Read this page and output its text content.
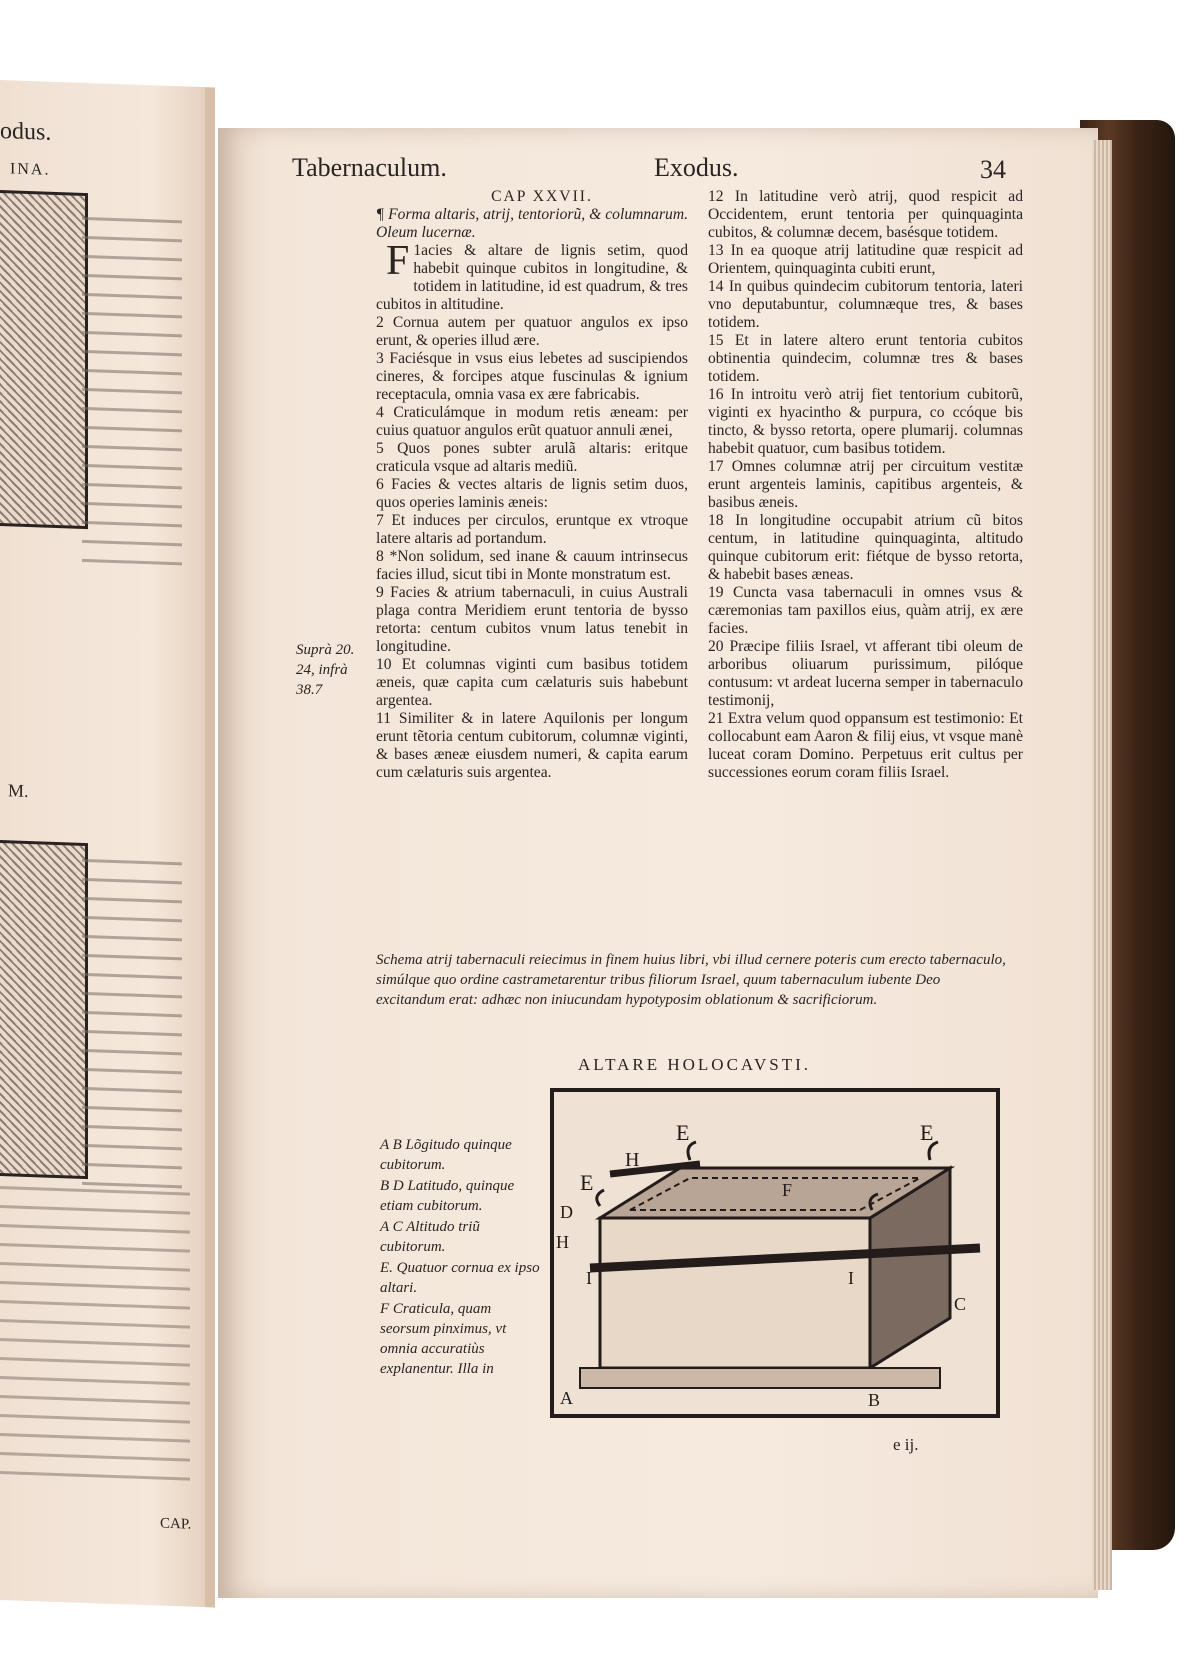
odus.
INA.
M.
CAP.
Tabernaculum.	Exodus.	34
CAP XXVII.

¶ Forma altaris, atrij, tentoriorũ, & columnarum. Oleum lucernæ.

1
F acies & altare de lignis setim, quod habebit quinque cubitos in longitudine, & totidem in latitudine, id est quadrum, & tres cubitos in altitudine.

2 Cornua autem per quatuor angulos ex ipso erunt, & operies illud ære.

3 Faciésque in vsus eius lebetes ad suscipiendos cineres, & forcipes atque fuscinulas & ignium receptacula, omnia vasa ex ære fabricabis.

4 Craticulámque in modum retis æneam: per cuius quatuor angulos erũt quatuor annuli ænei,

5 Quos pones subter arulã altaris: eritque craticula vsque ad altaris mediũ.

6 Facies & vectes altaris de lignis setim duos, quos operies laminis æneis:

7 Et induces per circulos, eruntque ex vtroque latere altaris ad portandum.

8 *Non solidum, sed inane & cauum intrinsecus facies illud, sicut tibi in Monte monstratum est.

9 Facies & atrium tabernaculi, in cuius Australi plaga contra Meridiem erunt tentoria de bysso retorta: centum cubitos vnum latus tenebit in longitudine.

10 Et columnas viginti cum basibus totidem æneis, quæ capita cum cælaturis suis habebunt argentea.

11 Similiter & in latere Aquilonis per longum erunt tẽtoria centum cubitorum, columnæ viginti, & bases æneæ eiusdem numeri, & capita earum cum cælaturis suis argentea.

12 In latitudine verò atrij, quod respicit ad Occidentem, erunt tentoria per quinquaginta cubitos, & columnæ decem, basésque totidem.

13 In ea quoque atrij latitudine quæ respicit ad Orientem, quinquaginta cubiti erunt,

14 In quibus quindecim cubitorum tentoria, lateri vno deputabuntur, columnæque tres, & bases totidem.

15 Et in latere altero erunt tentoria cubitos obtinentia quindecim, columnæ tres & bases totidem.

16 In introitu verò atrij fiet tentorium cubitorũ, viginti ex hyacintho & purpura, co ccóque bis tincto, & bysso retorta, opere plumarij. columnas habebit quatuor, cum basibus totidem.

17 Omnes columnæ atrij per circuitum vestitæ erunt argenteis laminis, capitibus argenteis, & basibus æneis.

18 In longitudine occupabit atrium cũ bitos centum, in latitudine quinquaginta, altitudo quinque cubitorum erit: fiétque de bysso retorta, & habebit bases æneas.

19 Cuncta vasa tabernaculi in omnes vsus & cæremonias tam paxillos eius, quàm atrij, ex ære facies.

20 Præcipe filiis Israel, vt afferant tibi oleum de arboribus oliuarum purissimum, pilóque contusum: vt ardeat lucerna semper in tabernaculo testimonij,

21 Extra velum quod oppansum est testimonio: Et collocabunt eam Aaron & filij eius, vt vsque manè luceat coram Domino. Perpetuus erit cultus per successiones eorum coram filiis Israel.

Suprà 20. 24, infrà 38.7
Schema atrij tabernaculi reiecimus in finem huius libri, vbi illud cernere poteris cum erecto tabernaculo, simúlque quo ordine castrametarentur tribus filiorum Israel, quum tabernaculum iubente Deo excitandum erat: adhæc non iniucundam hypotyposim oblationum & sacrificiorum.
ALTARE HOLOCAVSTI.
A B Lõgitudo quinque cubitorum.
B D Latitudo, quinque etiam cubitorum.
A C Altitudo triũ cubitorum.
E. Quatuor cornua ex ipso altari.
F Craticula, quam seorsum pinximus, vt omnia accuratiùs explanentur. Illa in
E	E
E
H
F
D
H
I	I
C
A	B
e ij.
